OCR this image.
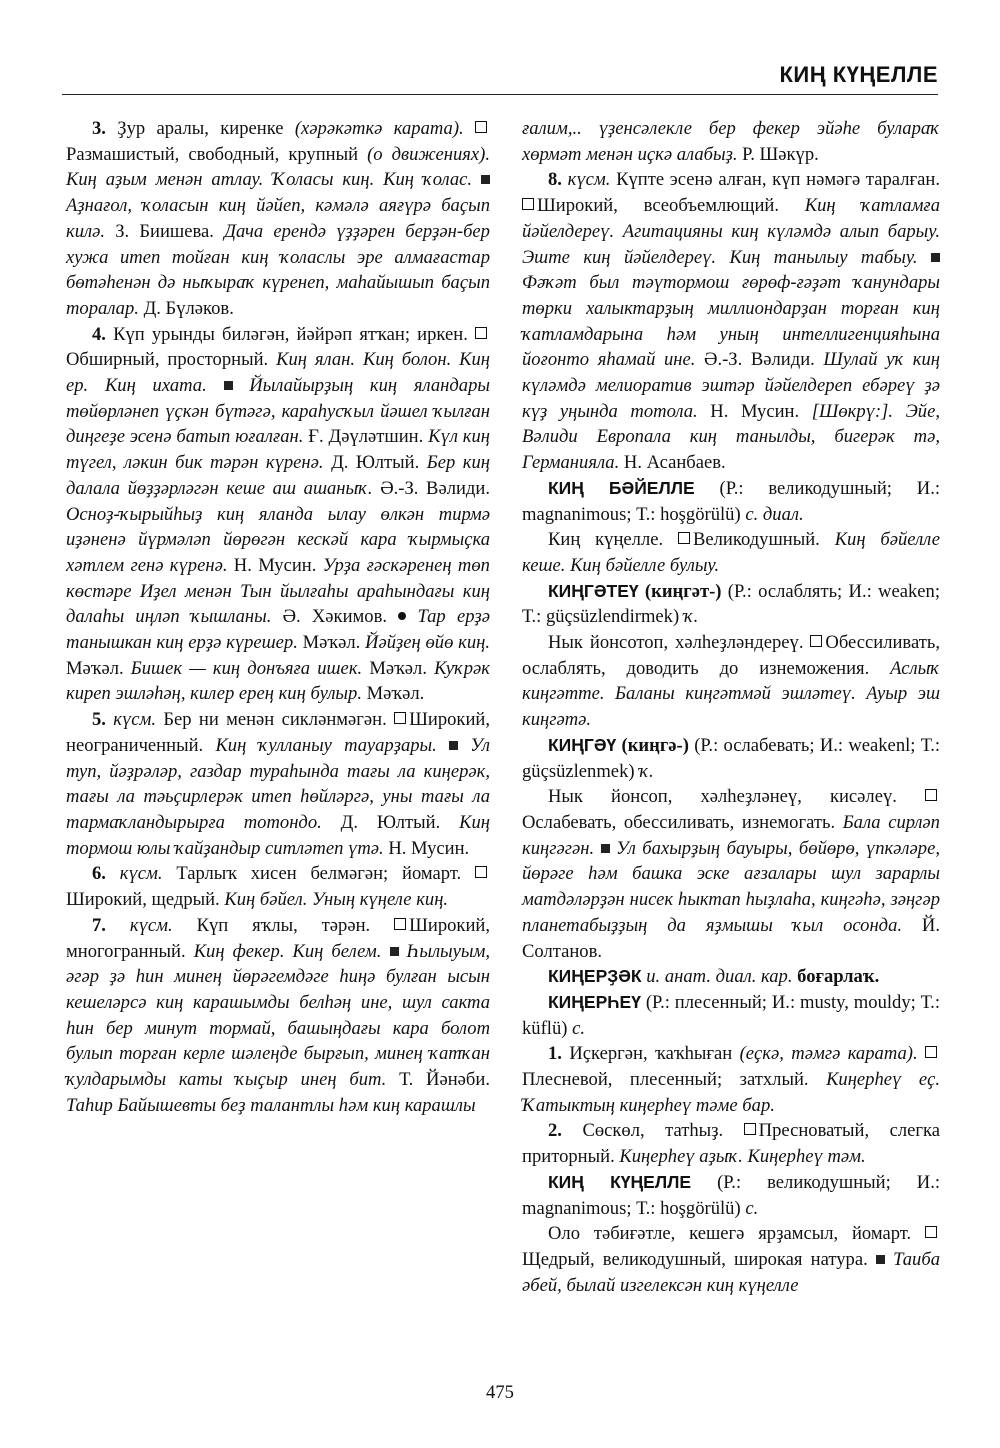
КИҢ КҮҢЕЛЛЕ

3. Ҙур аралы, киренке (хәрәкәткә карата). Размашистый, свободный, крупный (о движениях). Киң аҙым менән атлау. Ҡоласы киң. Киң ҡолас.  Аҙнағол, ҡоласын киң йәйеп, кәмәлә аяғүрә баҫып килә. З. Биишева. Дача ерендә үҙҙәрен берҙән-бер хужа итеп тойған киң ҡоласлы эре алмағастар бөтәһенән дә ныҡыраҡ күренеп, маһайышып баҫып торалар. Д. Бүләков.

4. Күп урынды биләгән, йәйрәп ятҡан; иркен. Обширный, просторный. Киң ялан. Киң болон. Киң ер. Киң ихата. Йылайырҙың киң яландары төйөрләнеп үҫкән бүтәгә, караһусҡыл йәшел ҡылған диңгеҙе эсенә батып юғалған. Ғ. Дәүләтшин. Күл киң түгел, ләкин бик тәрән күренә. Д. Юлтый. Бер киң далала йөҙҙәрләгән кеше аш ашаныҡ. Ә.-З. Вәлиди. Осноҙ-ҡырыйһыҙ киң яланда ылау өлкән тирмә иҙәненә йүрмәләп йөрөгән кескәй кара ҡырмыҫка хәтлем генә күренә. Н. Мусин. Урҙа ғәскәренең төп көстәре Иҙел менән Тын йылғаһы араһындағы киң далаһы иңләп ҡышланы. Ә. Хәкимов. Тар ерҙә танышкан киң ерҙә күрешер. Мәҡәл. Йәйҙең өйө киң. Мәҡәл. Бишек — киң донъяға ишек. Мәҡәл. Куҡрәк киреп эшләһәң, килер ерең киң булыр. Мәҡәл.

5. күсм. Бер ни менән сикләнмәгән. Широкий, неограниченный. Киң ҡулланыу тауарҙары. Ул туп, йәҙрәләр, газдар тураһында тағы ла киңерәк, тағы ла тәьҫирлерәк итеп һөйләргә, уны тағы ла тармаҡландырырға тотондо. Д. Юлтый. Киң тормош юлы ҡайҙандыр ситләтеп үтә. Н. Мусин.

6. күсм. Тарлыҡ хисен белмәгән; йомарт. Широкий, щедрый. Киң бәйел. Уның күңеле киң.

7. күсм. Күп яҡлы, тәрән. Широкий, многогранный. Киң фекер. Киң белем. Һылыуым, әгәр ҙә һин минең йөрәгемдәге һиңә булған ысын кешеләрсә киң карашымды белһәң ине, шул сакта һин бер минут тормай, башыңдағы кара болот булып торған керле шәлеңде бырғып, минең ҡатҡан ҡулдарымды каты ҡыҫыр инең бит. Т. Йәнәби. Таһир Байышевты беҙ талантлы һәм киң карашлы

ғалим,.. үҙенсәлекле бер фекер эйәһе булараҡ хөрмәт менән иҫкә алабыҙ. Р. Шәкүр.

8. күсм. Күпте эсенә алған, күп нәмәгә таралған. Широкий, всеобъемлющий. Киң ҡатламға йәйелдереү. Агитацияны киң күләмдә алып барыу. Эште киң йәйелдереү. Киң танылыу табыу.  Фәҡәт был тәүтормош ғөрөф-ғәҙәт ҡанундары төрки халыктарҙың миллиондарҙан торған киң ҡатламдарына һәм уның интеллигенцияһына йоғонто яһамай ине. Ә.-З. Вәлиди. Шулай уҡ киң күләмдә мелиоратив эштәр йәйелдереп ебәреү ҙә күҙ уңында тотола. Н. Мусин. [Шөкрү:]. Эйе, Вәлиди Европала киң танылды, бигерәк тә, Германияла. Н. Асанбаев.

КИҢ БӘЙЕЛЛЕ (Р.: великодушный; И.: magnanimous; Т.: hoşgörülü) с. диал.

Киң күңелле. Великодушный. Киң бәйелле кеше. Киң бәйелле булыу.

КИҢГӘТЕҮ (киңгәт-) (Р.: ослаблять; И.: weaken; Т.: güçsüzlendirmek) ҡ.

Нык йонсотоп, хәлһеҙләндереү. Обессиливать, ослаблять, доводить до изнеможения. Аслыҡ киңгәтте. Баланы киңгәтмәй эшләтеү. Ауыр эш киңгәтә.

КИҢГӘҮ (киңгә-) (Р.: ослабевать; И.: weakenl; Т.: güçsüzlenmek) ҡ.

Нык йонсоп, хәлһеҙләнеү, кисәлеү. Ослабевать, обессиливать, изнемогать. Бала сирләп киңгәгән. Ул бахырҙың бауыры, бөйөрө, үпкәләре, йөрәге һәм башка эске ағзалары шул зарарлы матдәләрҙән нисек һыктап һыҙлаһа, киңгәһә, зәңгәр планетабыҙҙың да яҙмышы ҡыл осонда. Й. Солтанов.

КИҢЕРҘӘК и. анат. диал. кар. боғарлаҡ.

КИҢЕРҺЕҮ (Р.: плесенный; И.: musty, mouldy; Т.: küflü) с.

1. Иҫкергән, ҡаҡһыған (еҫкә, тәмгә карата). Плесневой, плесенный; затхлый. Киңерһеү еҫ. Ҡатыктың киңерһеү тәме бар.

2. Сөскөл, татһыҙ. Пресноватый, слегка приторный. Киңерһеү аҙыҡ. Киңерһеү тәм.

КИҢ КҮҢЕЛЛЕ (Р.: великодушный; И.: magnanimous; Т.: hoşgörülü) с.

Оло тәбиғәтле, кешегә ярҙамсыл, йомарт. Щедрый, великодушный, широкая натура. Таиба әбей, былай изгелексән киң күңелле

475
